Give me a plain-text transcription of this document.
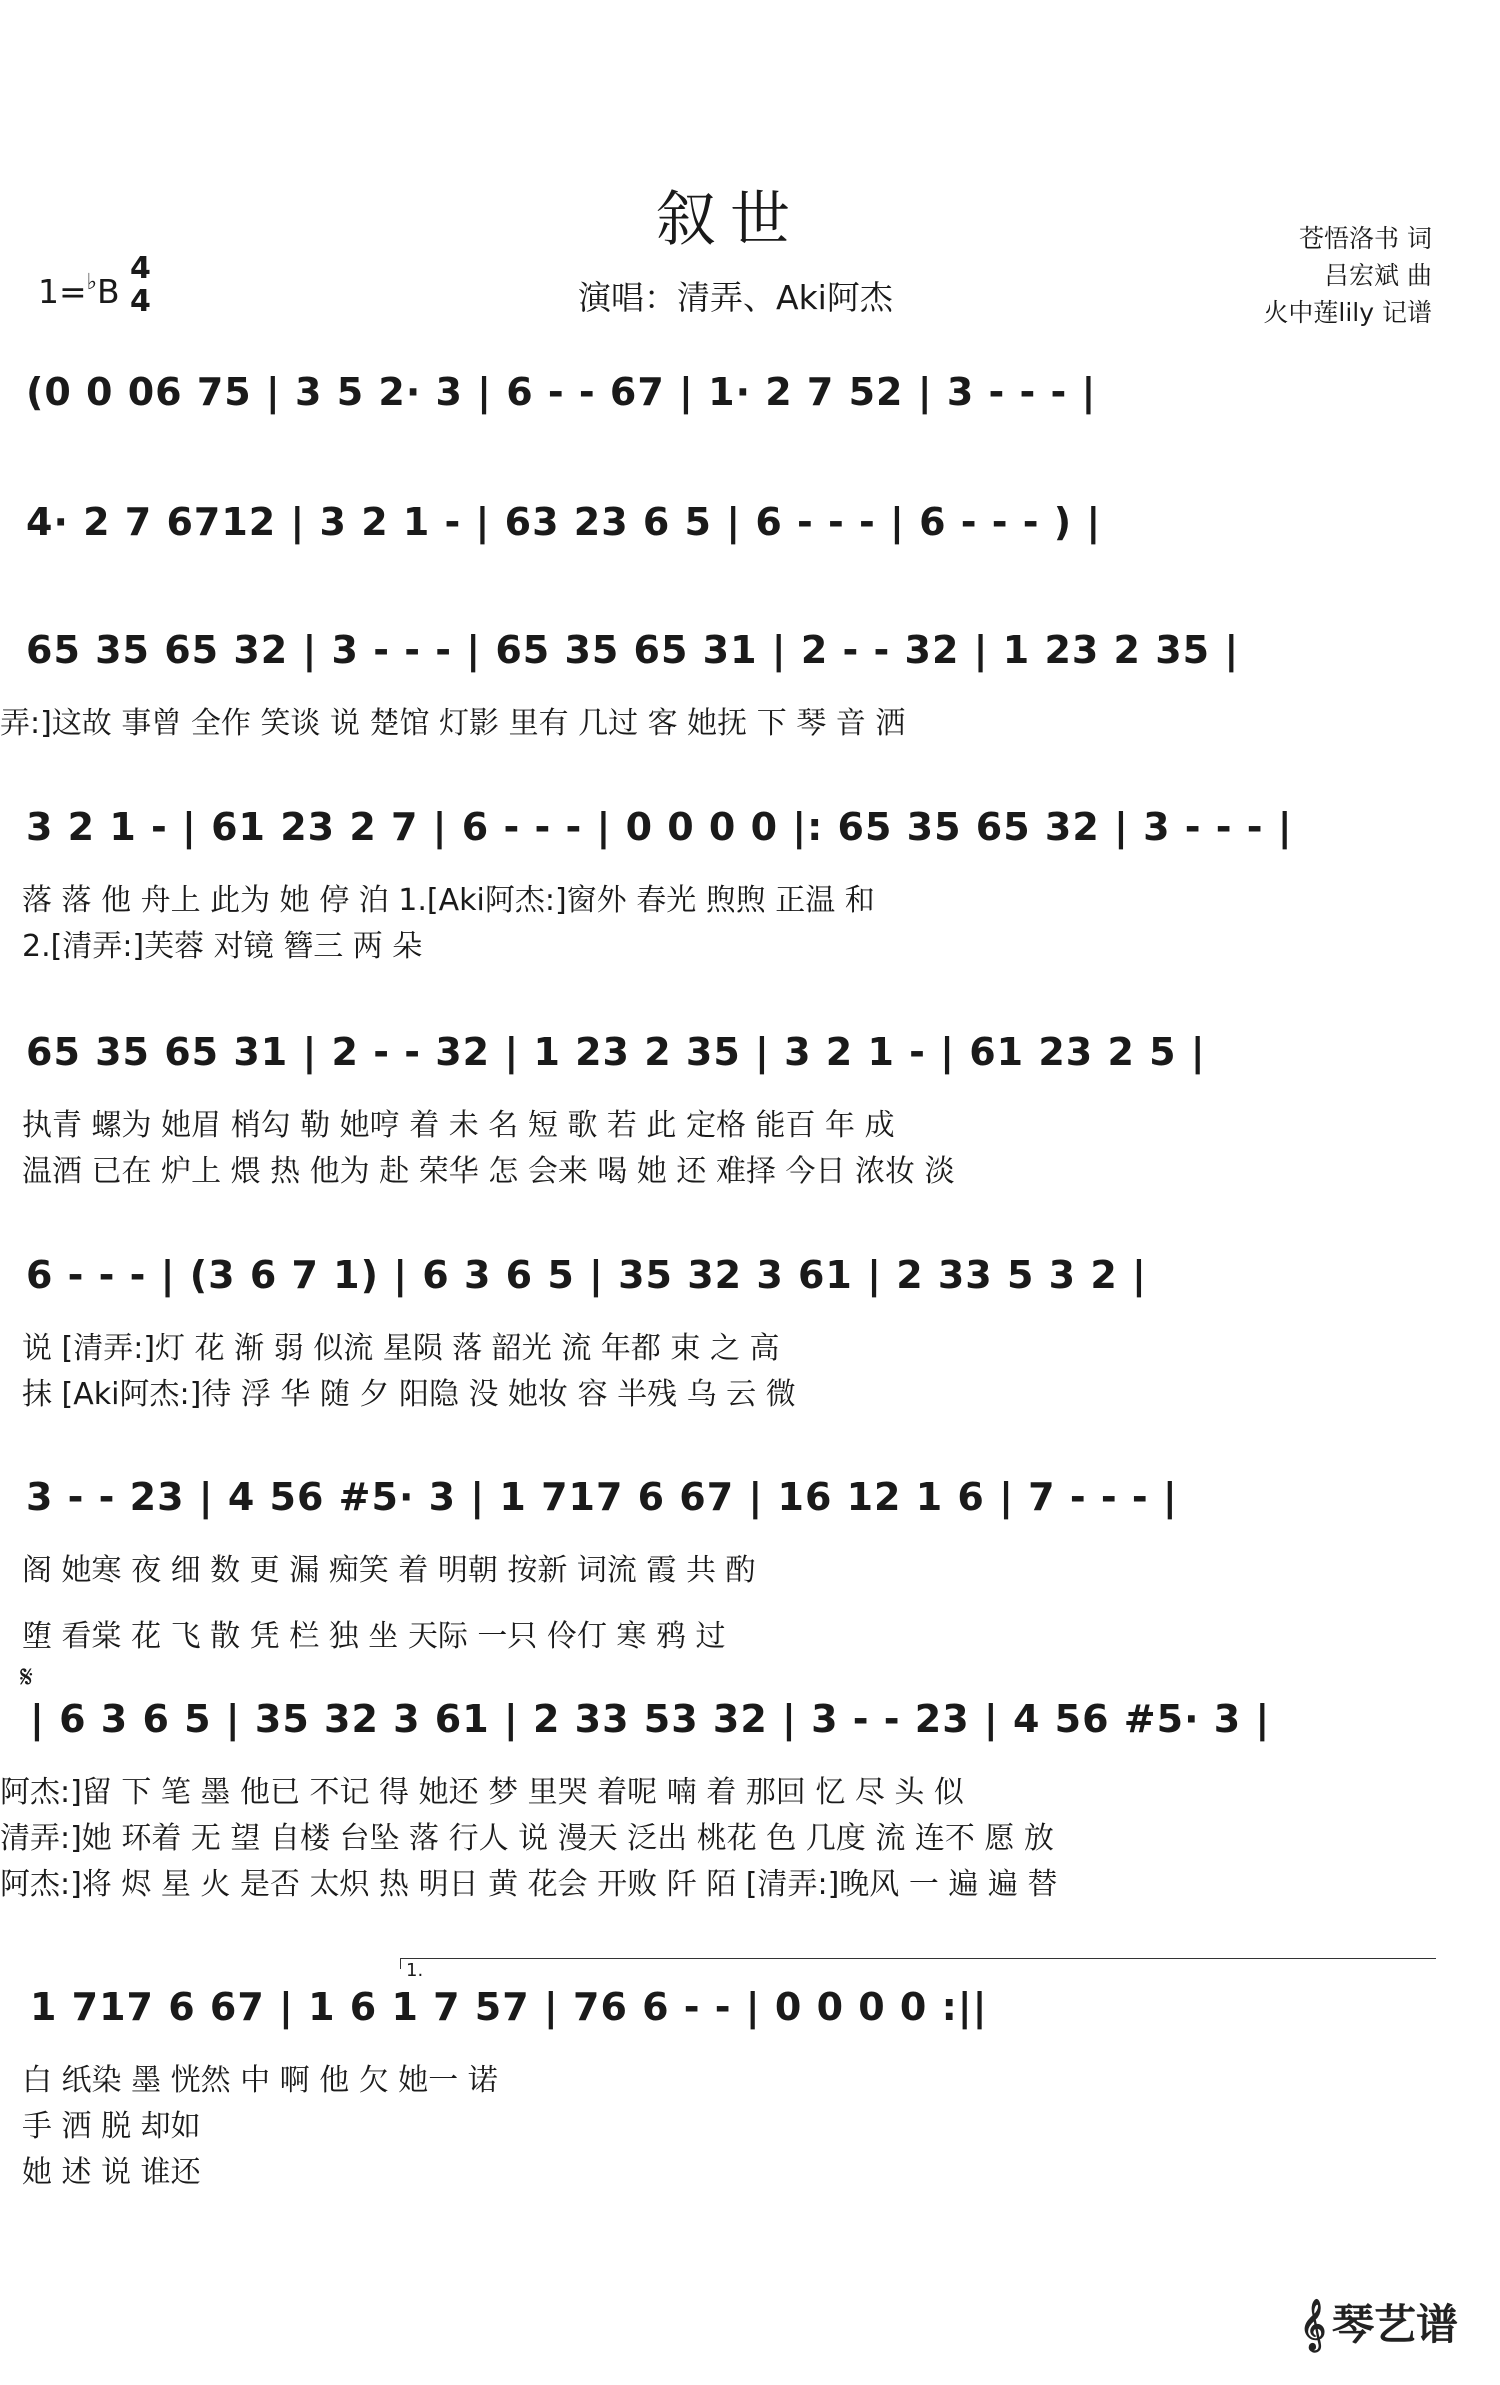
叙世
演唱：清弄、Aki阿杰
1=♭B
4
4
苍悟洛书 词
吕宏斌 曲
火中莲lily 记谱
(0 0 06 75 | 3 5 2· 3 | 6 - - 67 | 1· 2 7 52 | 3 - - - |
4· 2 7 6712 | 3 2 1 - | 63 23 6 5 | 6 - - - | 6 - - - ) |
65 35 65 32 | 3 - - - | 65 35 65 31 | 2 - - 32 | 1 23 2 35 |
弄:]这故 事曾 全作 笑谈 说 楚馆 灯影 里有 几过 客 她抚 下 琴 音 洒
3 2 1 - | 61 23 2 7 | 6 - - - | 0 0 0 0 |: 65 35 65 32 | 3 - - - |
落 落 他 舟上 此为 她 停 泊 1.[Aki阿杰:]窗外 春光 煦煦 正温 和
2.[清弄:]芙蓉 对镜 簪三 两 朵
65 35 65 31 | 2 - - 32 | 1 23 2 35 | 3 2 1 - | 61 23 2 5 |
执青 螺为 她眉 梢勾 勒 她哼 着 未 名 短 歌 若 此 定格 能百 年 成
温酒 已在 炉上 煨 热 他为 赴 荣华 怎 会来 喝 她 还 难择 今日 浓妆 淡
6 - - - | (3 6 7 1) | 6 3 6 5 | 35 32 3 61 | 2 33 5 3 2 |
说 [清弄:]灯 花 渐 弱 似流 星陨 落 韶光 流 年都 束 之 高
抹 [Aki阿杰:]待 浮 华 随 夕 阳隐 没 她妆 容 半残 乌 云 微
3 - - 23 | 4 56 #5· 3 | 1 717 6 67 | 16 12 1 6 | 7 - - - |
阁 她寒 夜 细 数 更 漏 痴笑 着 明朝 按新 词流 霞 共 酌
堕 看棠 花 飞 散 凭 栏 独 坐 天际 一只 伶仃 寒 鸦 过
𝄋
| 6 3 6 5 | 35 32 3 61 | 2 33 53 32 | 3 - - 23 | 4 56 #5· 3 |
阿杰:]留 下 笔 墨 他已 不记 得 她还 梦 里哭 着呢 喃 着 那回 忆 尽 头 似
清弄:]她 环着 无 望 自楼 台坠 落 行人 说 漫天 泛出 桃花 色 几度 流 连不 愿 放
阿杰:]将 烬 星 火 是否 太炽 热 明日 黄 花会 开败 阡 陌 [清弄:]晚风 一 遍 遍 替
1.
1 717 6 67 | 1 6 1 7 57 | 76 6 - - | 0 0 0 0 :||
白 纸染 墨 恍然 中 啊 他 欠 她一 诺
手 洒 脱 却如
她 述 说 谁还
𝄞 琴艺谱
